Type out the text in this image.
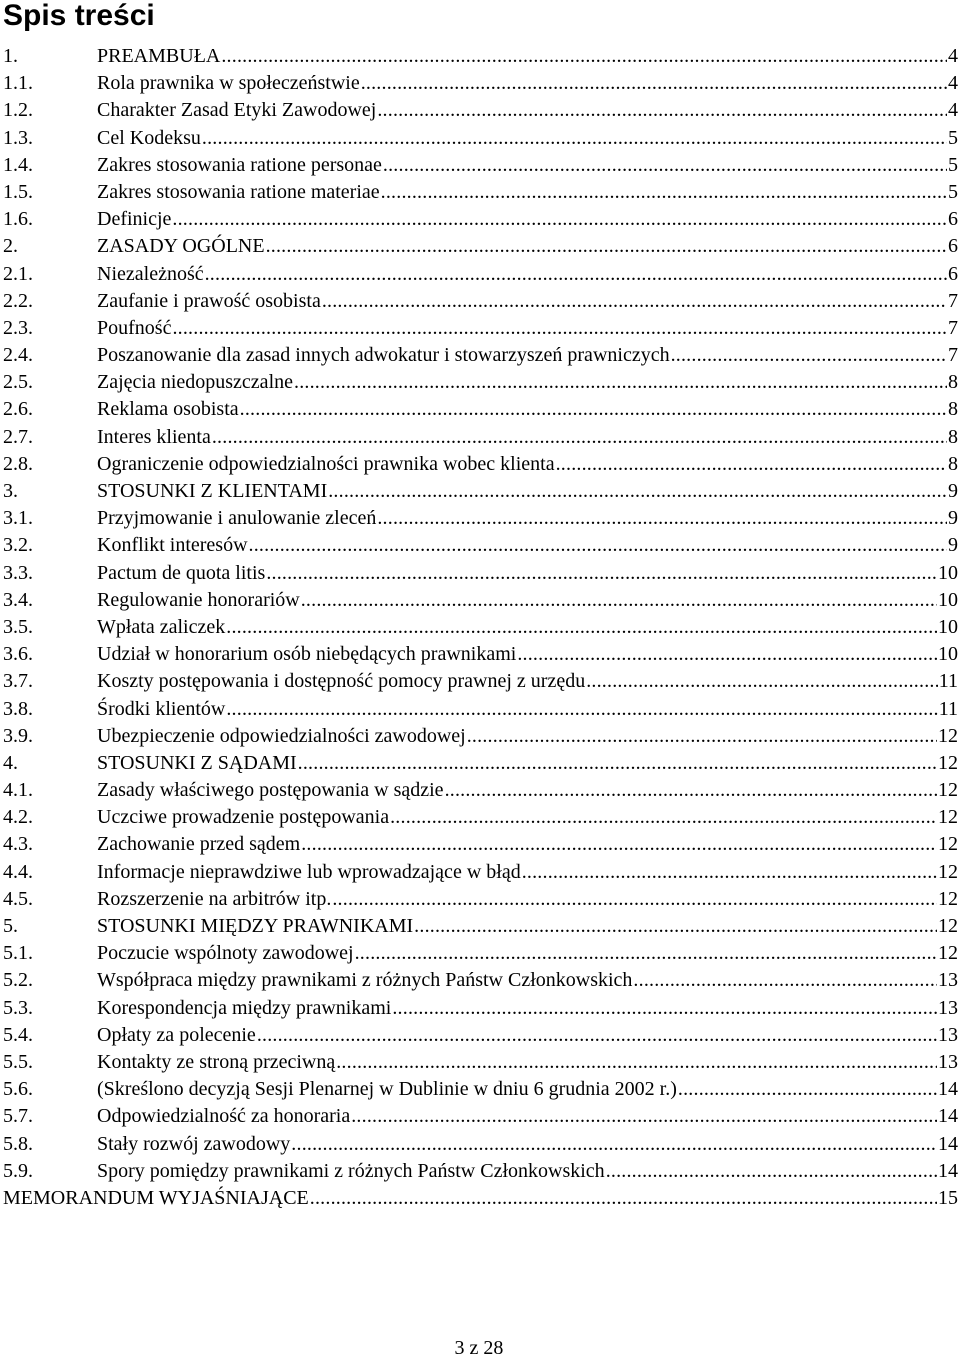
Spis treści
1.	PREAMBUŁA .....	4
1.1.	Rola prawnika w społeczeństwie .....	4
1.2.	Charakter Zasad Etyki Zawodowej .....	4
1.3.	Cel Kodeksu .....	5
1.4.	Zakres stosowania ratione personae .....	5
1.5.	Zakres stosowania ratione materiae .....	5
1.6.	Definicje .....	6
2.	ZASADY OGÓLNE .....	6
2.1.	Niezależność .....	6
2.2.	Zaufanie i prawość osobista .....	7
2.3.	Poufność .....	7
2.4.	Poszanowanie dla zasad innych adwokatur i stowarzyszeń prawniczych .....	7
2.5.	Zajęcia niedopuszczalne .....	8
2.6.	Reklama osobista .....	8
2.7.	Interes klienta .....	8
2.8.	Ograniczenie odpowiedzialności prawnika wobec klienta .....	8
3.	STOSUNKI Z KLIENTAMI .....	9
3.1.	Przyjmowanie i anulowanie zleceń .....	9
3.2.	Konflikt interesów .....	9
3.3.	Pactum de quota litis .....	10
3.4.	Regulowanie honorariów .....	10
3.5.	Wpłata zaliczek .....	10
3.6.	Udział w honorarium osób niebędących prawnikami .....	10
3.7.	Koszty postępowania i dostępność pomocy prawnej z urzędu .....	11
3.8.	Środki klientów .....	11
3.9.	Ubezpieczenie odpowiedzialności zawodowej .....	12
4.	STOSUNKI Z SĄDAMI .....	12
4.1.	Zasady właściwego postępowania w sądzie .....	12
4.2.	Uczciwe prowadzenie postępowania .....	12
4.3.	Zachowanie przed sądem .....	12
4.4.	Informacje nieprawdziwe lub wprowadzające w błąd .....	12
4.5.	Rozszerzenie na arbitrów itp. .....	12
5.	STOSUNKI MIĘDZY PRAWNIKAMI .....	12
5.1.	Poczucie wspólnoty zawodowej .....	12
5.2.	Współpraca między prawnikami z różnych Państw Członkowskich .....	13
5.3.	Korespondencja między prawnikami .....	13
5.4.	Opłaty za polecenie .....	13
5.5.	Kontakty ze stroną przeciwną .....	13
5.6.	(Skreślono decyzją Sesji Plenarnej w Dublinie w dniu 6 grudnia 2002 r.) .....	14
5.7.	Odpowiedzialność za honoraria .....	14
5.8.	Stały rozwój zawodowy .....	14
5.9.	Spory pomiędzy prawnikami z różnych Państw Członkowskich .....	14
MEMORANDUM WYJAŚNIAJĄCE .....	15
3 z 28
